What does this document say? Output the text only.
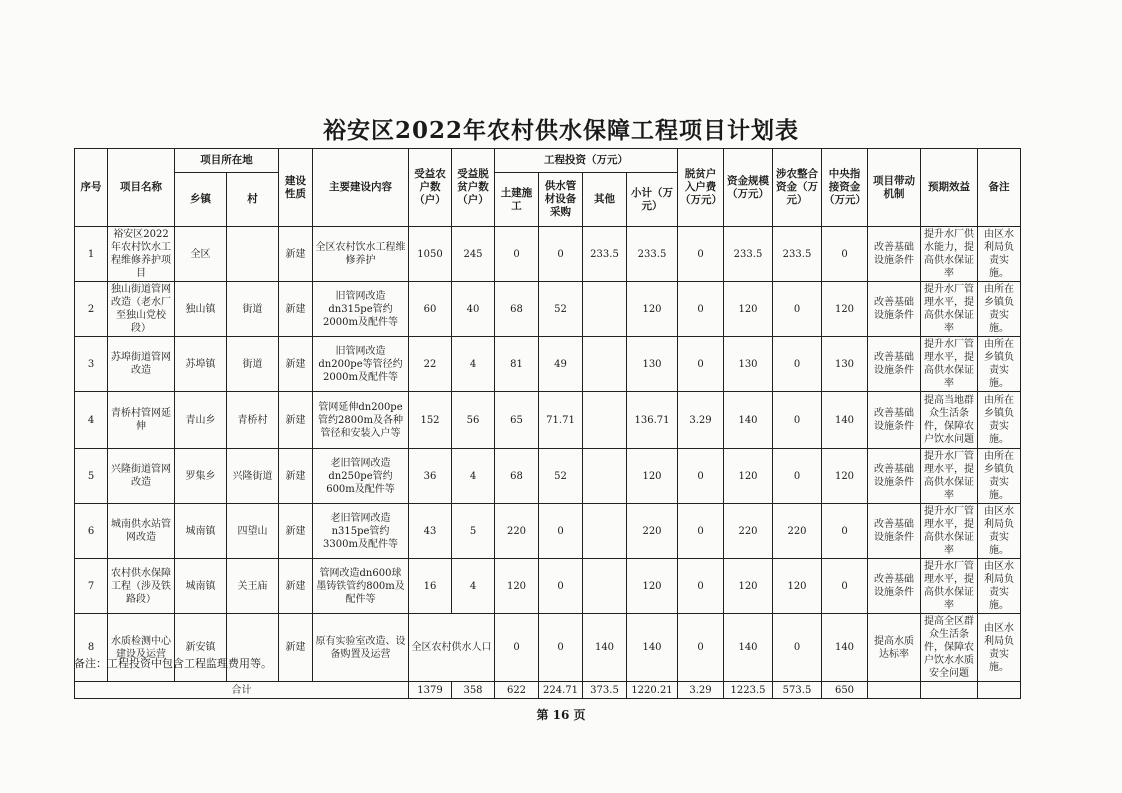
裕安区2022年农村供水保障工程项目计划表
序号	项目名称	项目所在地		建设性质	主要建设内容	受益农户数（户）	受益脱贫户数（户）	工程投资（万元）				脱贫户入户费（万元）	资金规模（万元）	涉农整合资金（万元）	中央指接资金（万元）	项目带动机制	预期效益	备注
		乡镇	村					土建施工	供水管材设备采购	其他	小计（万元）							
1	裕安区2022年农村饮水工程维修养护项目	全区		新建	全区农村饮水工程维修养护	1050	245	0	0	233.5	233.5	0	233.5	233.5	0	改善基础设施条件	提升水厂供水能力，提高供水保证率	由区水利局负责实施。
2	独山街道管网改造（老水厂至独山党校段）	独山镇	街道	新建	旧管网改造dn315pe管约2000m及配件等	60	40	68	52		120	0	120	0	120	改善基础设施条件	提升水厂管理水平，提高供水保证率	由所在乡镇负责实施。
3	苏埠街道管网改造	苏埠镇	街道	新建	旧管网改造dn200pe等管径约2000m及配件等	22	4	81	49		130	0	130	0	130	改善基础设施条件	提升水厂管理水平，提高供水保证率	由所在乡镇负责实施。
4	青桥村管网延伸	青山乡	青桥村	新建	管网延伸dn200pe管约2800m及各种管径和安装入户等	152	56	65	71.71		136.71	3.29	140	0	140	改善基础设施条件	提高当地群众生活条件，保障农户饮水问题	由所在乡镇负责实施。
5	兴隆街道管网改造	罗集乡	兴隆街道	新建	老旧管网改造dn250pe管约600m及配件等	36	4	68	52		120	0	120	0	120	改善基础设施条件	提升水厂管理水平，提高供水保证率	由所在乡镇负责实施。
6	城南供水站管网改造	城南镇	四望山	新建	老旧管网改造n315pe管约3300m及配件等	43	5	220	0		220	0	220	220	0	改善基础设施条件	提升水厂管理水平，提高供水保证率	由区水利局负责实施。
7	农村供水保障工程（涉及铁路段）	城南镇	关王庙	新建	管网改造dn600球墨铸铁管约800m及配件等	16	4	120	0		120	0	120	120	0	改善基础设施条件	提升水厂管理水平，提高供水保证率	由区水利局负责实施。
8	水质检测中心建设及运营	新安镇		新建	原有实验室改造、设备购置及运营	全区农村供水人口		0	0	140	140	0	140	0	140	提高水质达标率	提高全区群众生活条件，保障农户饮水水质安全问题	由区水利局负责实施。
合计						1379	358	622	224.71	373.5	1220.21	3.29	1223.5	573.5	650			
备注：工程投资中包含工程监理费用等。
第 16 页
